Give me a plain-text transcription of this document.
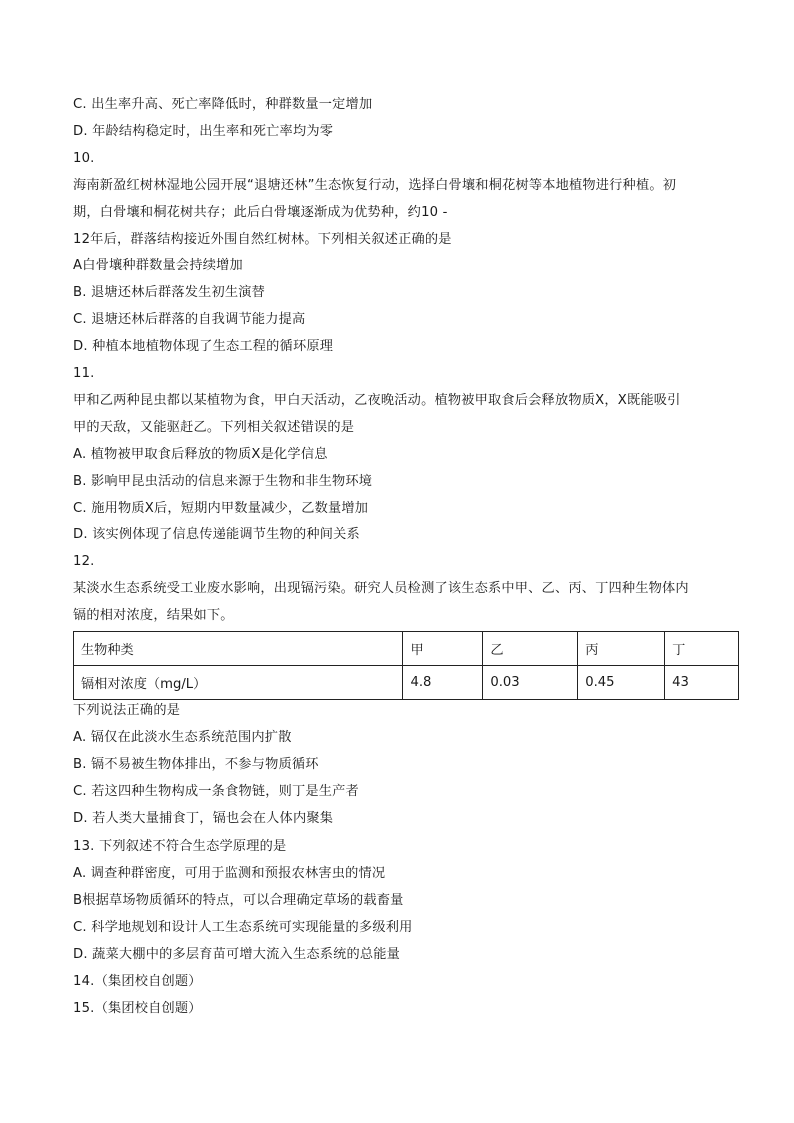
C. 出生率升高、死亡率降低时，种群数量一定增加
D. 年龄结构稳定时，出生率和死亡率均为零
10.
海南新盈红树林湿地公园开展“退塘还林”生态恢复行动，选择白骨壤和桐花树等本地植物进行种植。初
期，白骨壤和桐花树共存；此后白骨壤逐渐成为优势种，约10 -
12年后，群落结构接近外围自然红树林。下列相关叙述正确的是
A白骨壤种群数量会持续增加
B. 退塘还林后群落发生初生演替
C. 退塘还林后群落的自我调节能力提高
D. 种植本地植物体现了生态工程的循环原理
11.
甲和乙两种昆虫都以某植物为食，甲白天活动，乙夜晚活动。植物被甲取食后会释放物质X，X既能吸引
甲的天敌，又能驱赶乙。下列相关叙述错误的是
A. 植物被甲取食后释放的物质X是化学信息
B. 影响甲昆虫活动的信息来源于生物和非生物环境
C. 施用物质X后，短期内甲数量减少，乙数量增加
D. 该实例体现了信息传递能调节生物的种间关系
12.
某淡水生态系统受工业废水影响，出现镉污染。研究人员检测了该生态系中甲、乙、丙、丁四种生物体内
镉的相对浓度，结果如下。
生物种类	甲	乙	丙	丁
镉相对浓度（mg/L）	4.8	0.03	0.45	43
下列说法正确的是
A. 镉仅在此淡水生态系统范围内扩散
B. 镉不易被生物体排出，不参与物质循环
C. 若这四种生物构成一条食物链，则丁是生产者
D. 若人类大量捕食丁，镉也会在人体内聚集
13. 下列叙述不符合生态学原理的是
A. 调查种群密度，可用于监测和预报农林害虫的情况
B根据草场物质循环的特点，可以合理确定草场的载畜量
C. 科学地规划和设计人工生态系统可实现能量的多级利用
D. 蔬菜大棚中的多层育苗可增大流入生态系统的总能量
14.（集团校自创题）
15.（集团校自创题）
